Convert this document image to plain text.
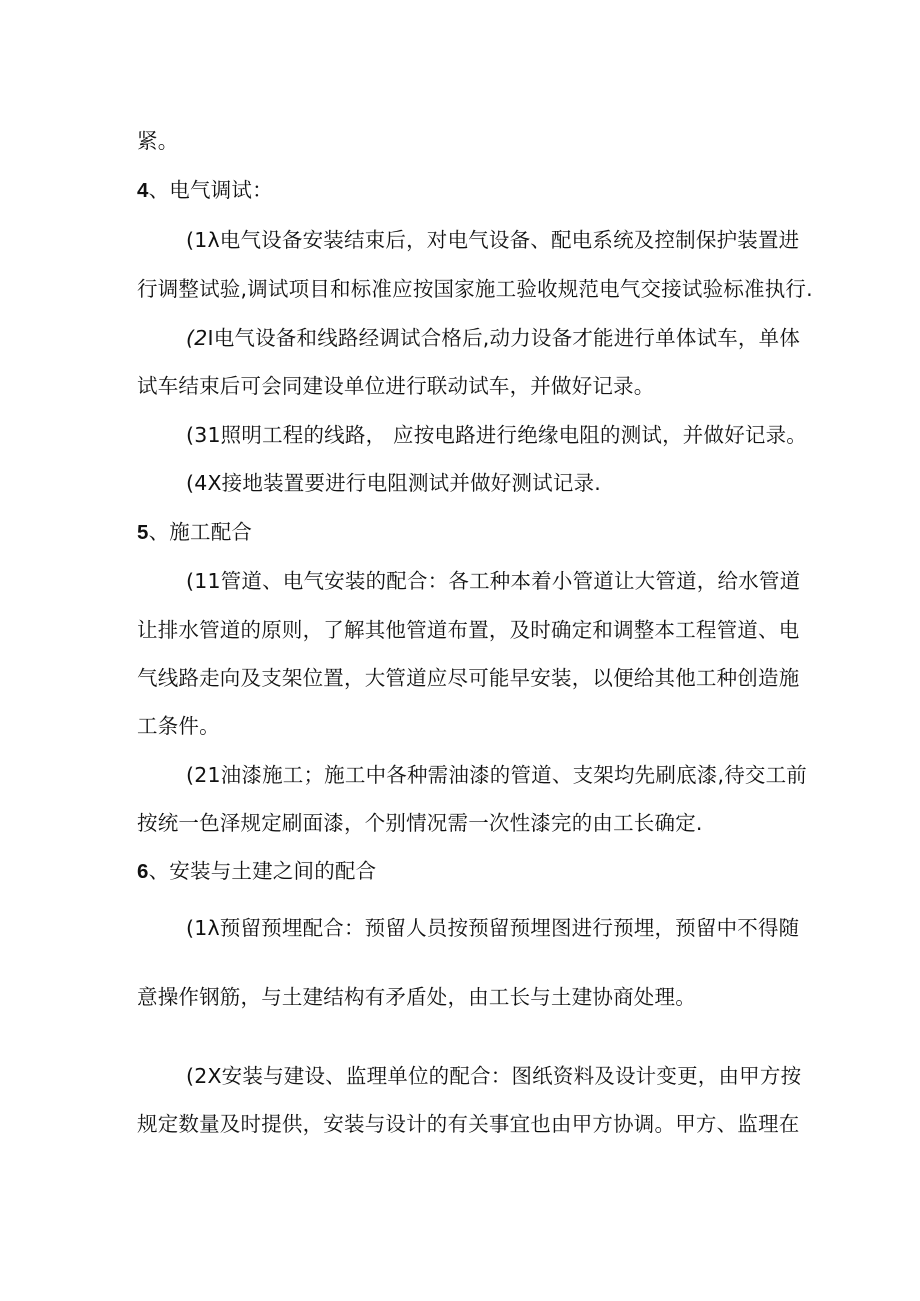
紧。
4、电气调试：
(1λ电气设备安装结束后，对电气设备、配电系统及控制保护装置进
行调整试验,调试项目和标准应按国家施工验收规范电气交接试验标准执行.
(2I电气设备和线路经调试合格后,动力设备才能进行单体试车，单体
试车结束后可会同建设单位进行联动试车，并做好记录。
(31照明工程的线路， 应按电路进行绝缘电阻的测试，并做好记录。
(4X接地装置要进行电阻测试并做好测试记录.
5、施工配合
(11管道、电气安装的配合：各工种本着小管道让大管道，给水管道
让排水管道的原则，了解其他管道布置，及时确定和调整本工程管道、电
气线路走向及支架位置，大管道应尽可能早安装，以便给其他工种创造施
工条件。
(21油漆施工；施工中各种需油漆的管道、支架均先刷底漆,待交工前
按统一色泽规定刷面漆，个别情况需一次性漆完的由工长确定.
6、安装与土建之间的配合
(1λ预留预埋配合：预留人员按预留预埋图进行预埋，预留中不得随
意操作钢筋，与土建结构有矛盾处，由工长与土建协商处理。
(2X安装与建设、监理单位的配合：图纸资料及设计变更，由甲方按
规定数量及时提供，安装与设计的有关事宜也由甲方协调。甲方、监理在
